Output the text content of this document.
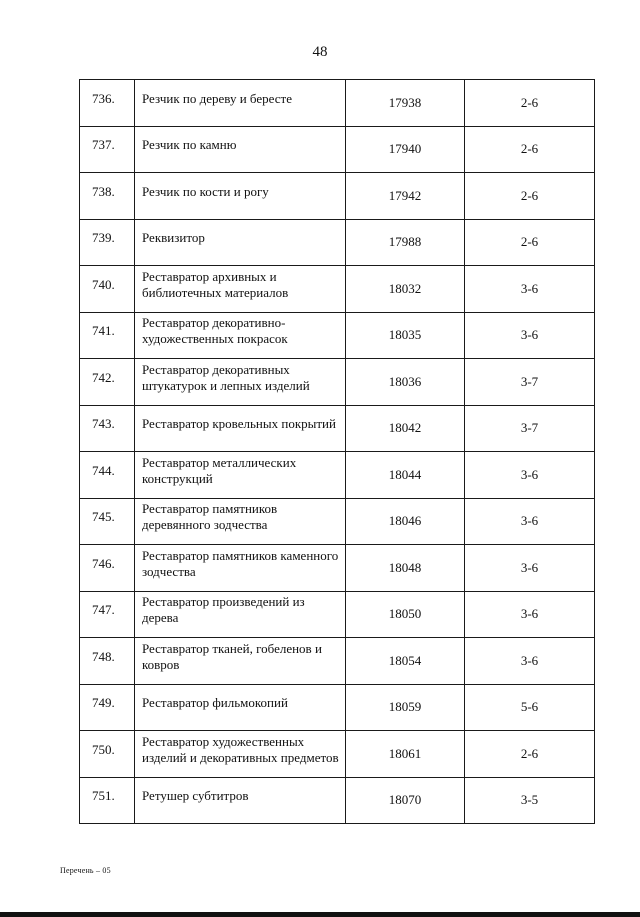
48
736.	Резчик по дереву и бересте	17938	2-6
737.	Резчик по камню	17940	2-6
738.	Резчик по кости и рогу	17942	2-6
739.	Реквизитор	17988	2-6
740.	Реставратор архивных и библиотечных материалов	18032	3-6
741.	Реставратор декоративно-художественных покрасок	18035	3-6
742.	Реставратор декоративных штукатурок и лепных изделий	18036	3-7
743.	Реставратор кровельных покрытий	18042	3-7
744.	Реставратор металлических конструкций	18044	3-6
745.	Реставратор памятников деревянного зодчества	18046	3-6
746.	Реставратор памятников каменного зодчества	18048	3-6
747.	Реставратор произведений из дерева	18050	3-6
748.	Реставратор тканей, гобеленов и ковров	18054	3-6
749.	Реставратор фильмокопий	18059	5-6
750.	Реставратор художественных изделий и декоративных предметов	18061	2-6
751.	Ретушер субтитров	18070	3-5
Перечень – 05
